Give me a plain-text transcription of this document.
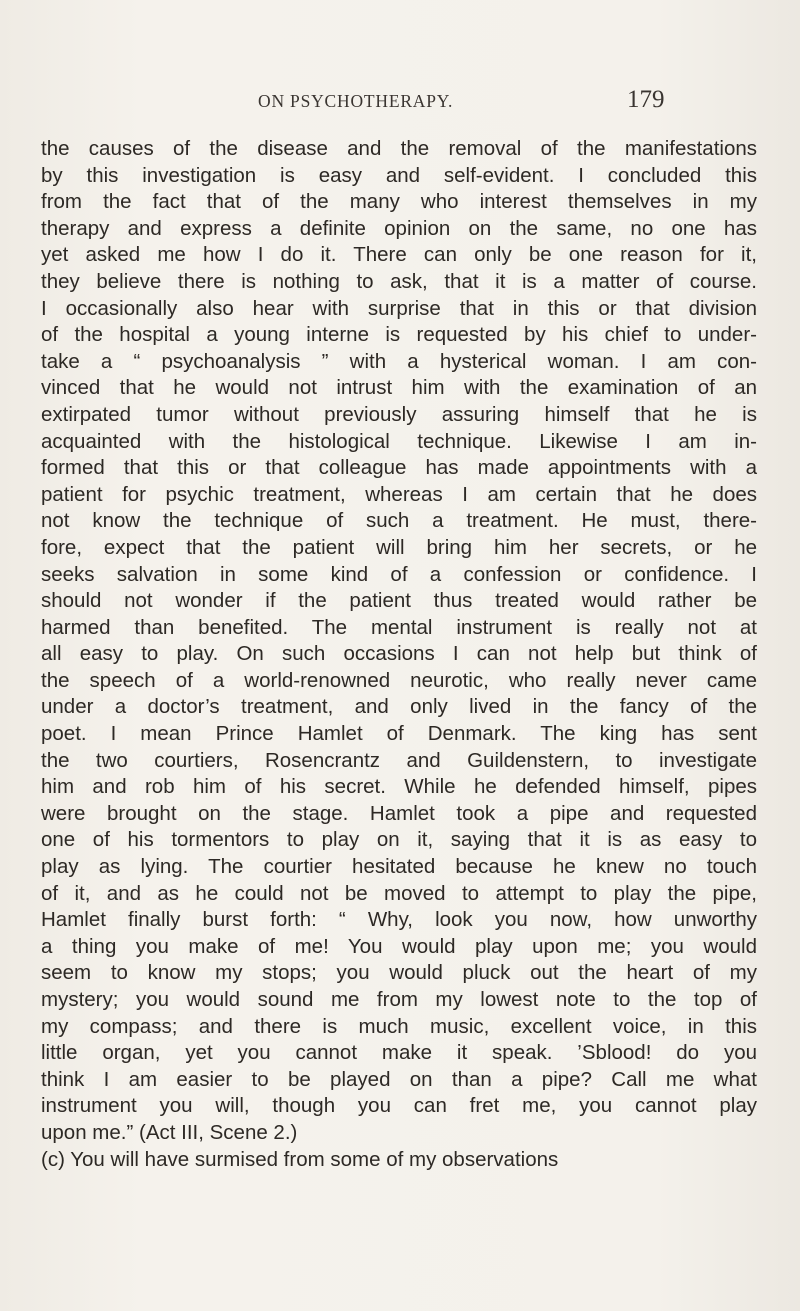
ON PSYCHOTHERAPY.	179
the causes of the disease and the removal of the manifestations
by this investigation is easy and self-evident. I concluded this
from the fact that of the many who interest themselves in my
therapy and express a definite opinion on the same, no one has
yet asked me how I do it. There can only be one reason for it,
they believe there is nothing to ask, that it is a matter of course.
I occasionally also hear with surprise that in this or that division
of the hospital a young interne is requested by his chief to under-
take a “ psychoanalysis ” with a hysterical woman. I am con-
vinced that he would not intrust him with the examination of an
extirpated tumor without previously assuring himself that he is
acquainted with the histological technique. Likewise I am in-
formed that this or that colleague has made appointments with a
patient for psychic treatment, whereas I am certain that he does
not know the technique of such a treatment. He must, there-
fore, expect that the patient will bring him her secrets, or he
seeks salvation in some kind of a confession or confidence. I
should not wonder if the patient thus treated would rather be
harmed than benefited. The mental instrument is really not at
all easy to play. On such occasions I can not help but think of
the speech of a world-renowned neurotic, who really never came
under a doctor’s treatment, and only lived in the fancy of the
poet. I mean Prince Hamlet of Denmark. The king has sent
the two courtiers, Rosencrantz and Guildenstern, to investigate
him and rob him of his secret. While he defended himself, pipes
were brought on the stage. Hamlet took a pipe and requested
one of his tormentors to play on it, saying that it is as easy to
play as lying. The courtier hesitated because he knew no touch
of it, and as he could not be moved to attempt to play the pipe,
Hamlet finally burst forth: “ Why, look you now, how unworthy
a thing you make of me! You would play upon me; you would
seem to know my stops; you would pluck out the heart of my
mystery; you would sound me from my lowest note to the top of
my compass; and there is much music, excellent voice, in this
little organ, yet you cannot make it speak. ’Sblood! do you
think I am easier to be played on than a pipe? Call me what
instrument you will, though you can fret me, you cannot play
upon me.” (Act III, Scene 2.)
(c) You will have surmised from some of my observations
